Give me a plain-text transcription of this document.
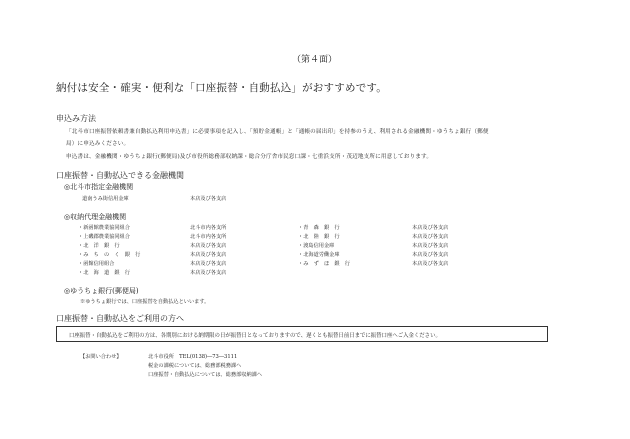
（第４面）
納付は安全・確実・便利な「口座振替・自動払込」がおすすめです。
申込み方法
「北斗市口座振替依頼書兼自動払込利用申込書」に必要事項を記入し、「預貯金通帳」と「通帳の届出印」を持参のうえ、利用される金融機関・ゆうちょ銀行（郵便
局）に申込みください。
申込書は、金融機関・ゆうちょ銀行(郵便局)及び市役所総務部収納課・総合分庁舎市民窓口課・七重浜支所・茂辺地支所に用意しております。
口座振替・自動払込できる金融機関
◎北斗市指定金融機関
道南うみ街信用金庫	本店及び各支店
◎収納代理金融機関
・新函館農業協同組合	北斗市内各支所
・上磯郡農業協同組合	北斗市内各支所
・北　洋　銀　行	本店及び各支店
・み　ち　の　く　銀　行	本店及び各支店
・函館信用組合	本店及び各支店
・北　海　道　銀　行	本店及び各支店
・青　森　銀　行	本店及び各支店
・北　陸　銀　行	本店及び各支店
・渡島信用金庫	本店及び各支店
・北海道労働金庫	本店及び各支店
・み　ず　ほ　銀　行	本店及び各支店
◎ゆうちょ銀行(郵便局)
※ゆうちょ銀行では、口座振替を自動払込といいます。
口座振替・自動払込をご利用の方へ
口座振替・自動払込をご利用の方は、各期別における納期限の日が振替日となっておりますので、遅くとも振替日前日までに振替口座へご入金ください。
【お問い合わせ】	北斗市役所　TEL(0138)―73―3111
税金の課税については、総務部税務課へ
口座振替・自動払込については、総務部収納課へ
